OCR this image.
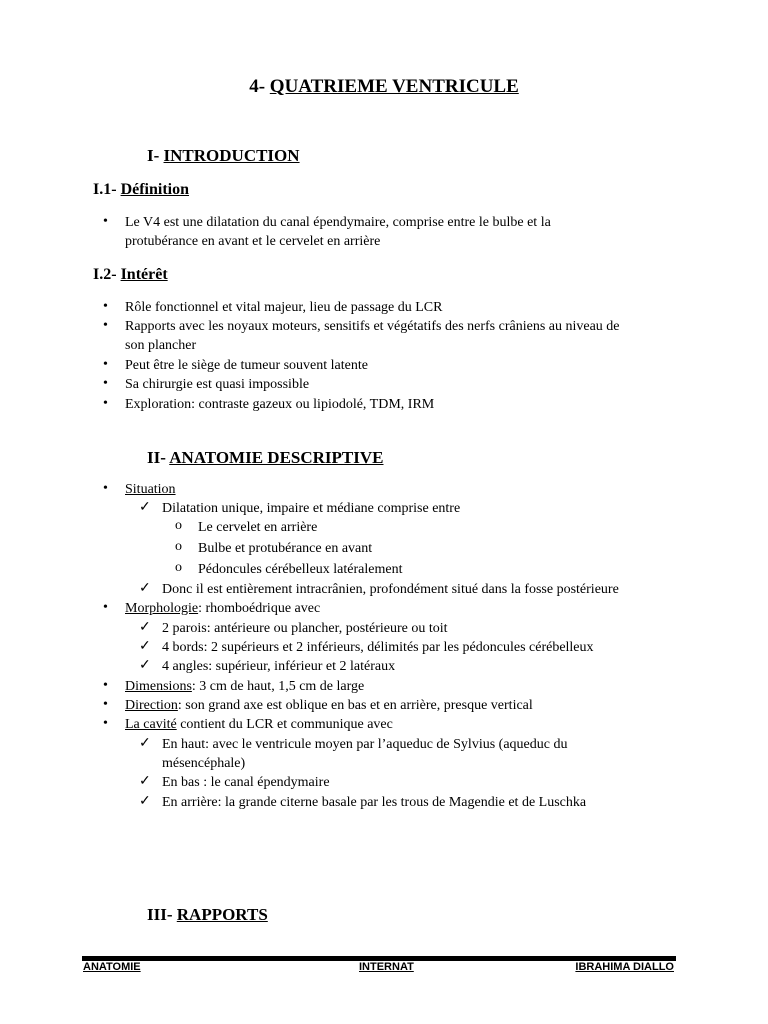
4- QUATRIEME VENTRICULE
I- INTRODUCTION
I.1- Définition
• Le V4 est une dilatation du canal épendymaire, comprise entre le bulbe et la
protubérance en avant et le cervelet en arrière
I.2- Intérêt
• Rôle fonctionnel et vital majeur, lieu de passage du LCR
• Rapports avec les noyaux moteurs, sensitifs et végétatifs des nerfs crâniens au niveau de
son plancher
• Peut être le siège de tumeur souvent latente
• Sa chirurgie est quasi impossible
• Exploration: contraste gazeux ou lipiodolé, TDM, IRM
II- ANATOMIE DESCRIPTIVE
• Situation
✓ Dilatation unique, impaire et médiane comprise entre
o Le cervelet en arrière
o Bulbe et protubérance en avant
o Pédoncules cérébelleux latéralement
✓ Donc il est entièrement intracrânien, profondément situé dans la fosse postérieure
• Morphologie: rhomboédrique avec
✓ 2 parois: antérieure ou plancher, postérieure ou toit
✓ 4 bords: 2 supérieurs et 2 inférieurs, délimités par les pédoncules cérébelleux
✓ 4 angles: supérieur, inférieur et 2 latéraux
• Dimensions: 3 cm de haut, 1,5 cm de large
• Direction: son grand axe est oblique en bas et en arrière, presque vertical
• La cavité contient du LCR et communique avec
✓ En haut: avec le ventricule moyen par l’aqueduc de Sylvius (aqueduc du
mésencéphale)
✓ En bas : le canal épendymaire
✓ En arrière: la grande citerne basale par les trous de Magendie et de Luschka
III- RAPPORTS
ANATOMIE	INTERNAT	IBRAHIMA DIALLO
